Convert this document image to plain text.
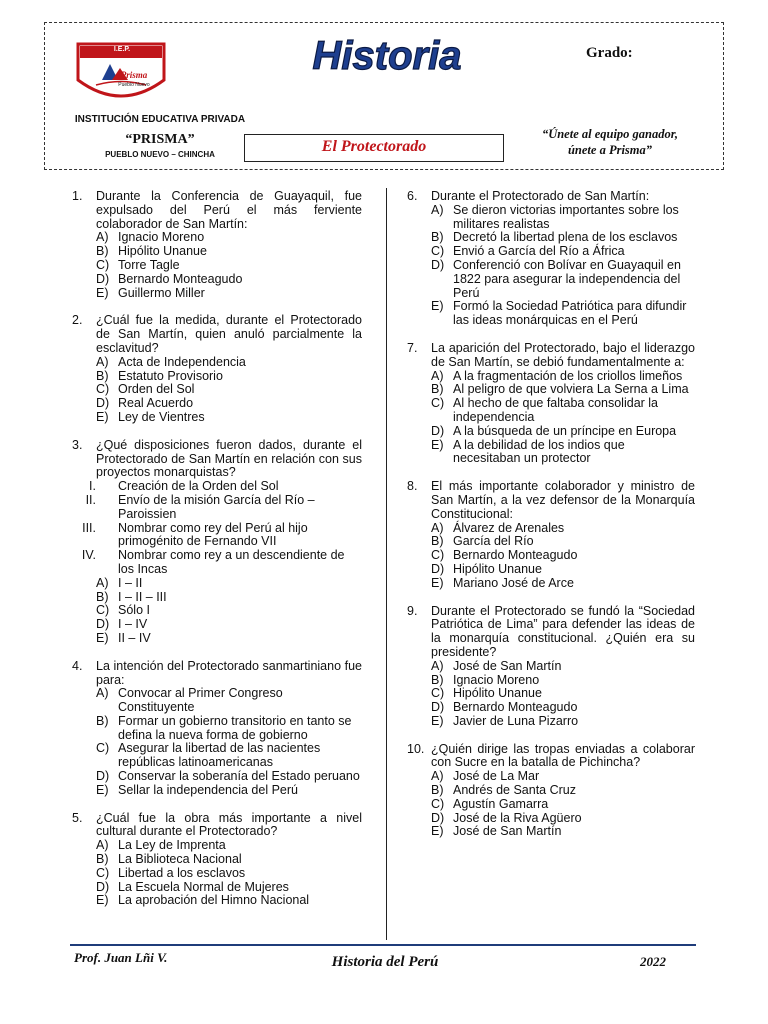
I.E.P.
Prisma
Pueblo Nuevo
Historia	Grado:
INSTITUCIÓN EDUCATIVA PRIVADA
“PRISMA”
PUEBLO NUEVO – CHINCHA	El Protectorado
“Únete al equipo ganador,
únete a Prisma”
1.	Durante la Conferencia de Guayaquil, fue expulsado del Perú el más ferviente colaborador de San Martín:
A) Ignacio Moreno
B) Hipólito Unanue
C) Torre Tagle
D) Bernardo Monteagudo
E) Guillermo Miller
2.	¿Cuál fue la medida, durante el Protectorado de San Martín, quien anuló parcialmente la esclavitud?
A) Acta de Independencia
B) Estatuto Provisorio
C) Orden del Sol
D) Real Acuerdo
E) Ley de Vientres
3.	¿Qué disposiciones fueron dados, durante el Protectorado de San Martín en relación con sus proyectos monarquistas?
I. Creación de la Orden del Sol
II. Envío de la misión García del Río – Paroissien
III. Nombrar como rey del Perú al hijo primogénito de Fernando VII
IV. Nombrar como rey a un descendiente de los Incas
A) I – II
B) I – II – III
C) Sólo I
D) I – IV
E) II – IV
4.	La intención del Protectorado sanmartiniano fue para:
A) Convocar al Primer Congreso Constituyente
B) Formar un gobierno transitorio en tanto se defina la nueva forma de gobierno
C) Asegurar la libertad de las nacientes repúblicas latinoamericanas
D) Conservar la soberanía del Estado peruano
E) Sellar la independencia del Perú
5.	¿Cuál fue la obra más importante a nivel cultural durante el Protectorado?
A) La Ley de Imprenta
B) La Biblioteca Nacional
C) Libertad a los esclavos
D) La Escuela Normal de Mujeres
E) La aprobación del Himno Nacional
6.	Durante el Protectorado de San Martín:
A) Se dieron victorias importantes sobre los militares realistas
B) Decretó la libertad plena de los esclavos
C) Envió a García del Río a África
D) Conferenció con Bolívar en Guayaquil en 1822 para asegurar la independencia del Perú
E) Formó la Sociedad Patriótica para difundir las ideas monárquicas en el Perú
7.	La aparición del Protectorado, bajo el liderazgo de San Martín, se debió fundamentalmente a:
A) A la fragmentación de los criollos limeños
B) Al peligro de que volviera La Serna a Lima
C) Al hecho de que faltaba consolidar la independencia
D) A la búsqueda de un príncipe en Europa
E) A la debilidad de los indios que necesitaban un protector
8.	El más importante colaborador y ministro de San Martín, a la vez defensor de la Monarquía Constitucional:
A) Álvarez de Arenales
B) García del Río
C) Bernardo Monteagudo
D) Hipólito Unanue
E) Mariano José de Arce
9.	Durante el Protectorado se fundó la “Sociedad Patriótica de Lima” para defender las ideas de la monarquía constitucional. ¿Quién era su presidente?
A) José de San Martín
B) Ignacio Moreno
C) Hipólito Unanue
D) Bernardo Monteagudo
E) Javier de Luna Pizarro
10. ¿Quién dirige las tropas enviadas a colaborar con Sucre en la batalla de Pichincha?
A) José de La Mar
B) Andrés de Santa Cruz
C) Agustín Gamarra
D) José de la Riva Agüero
E) José de San Martín
Prof. Juan Lñi V.	Historia del Perú	2022
